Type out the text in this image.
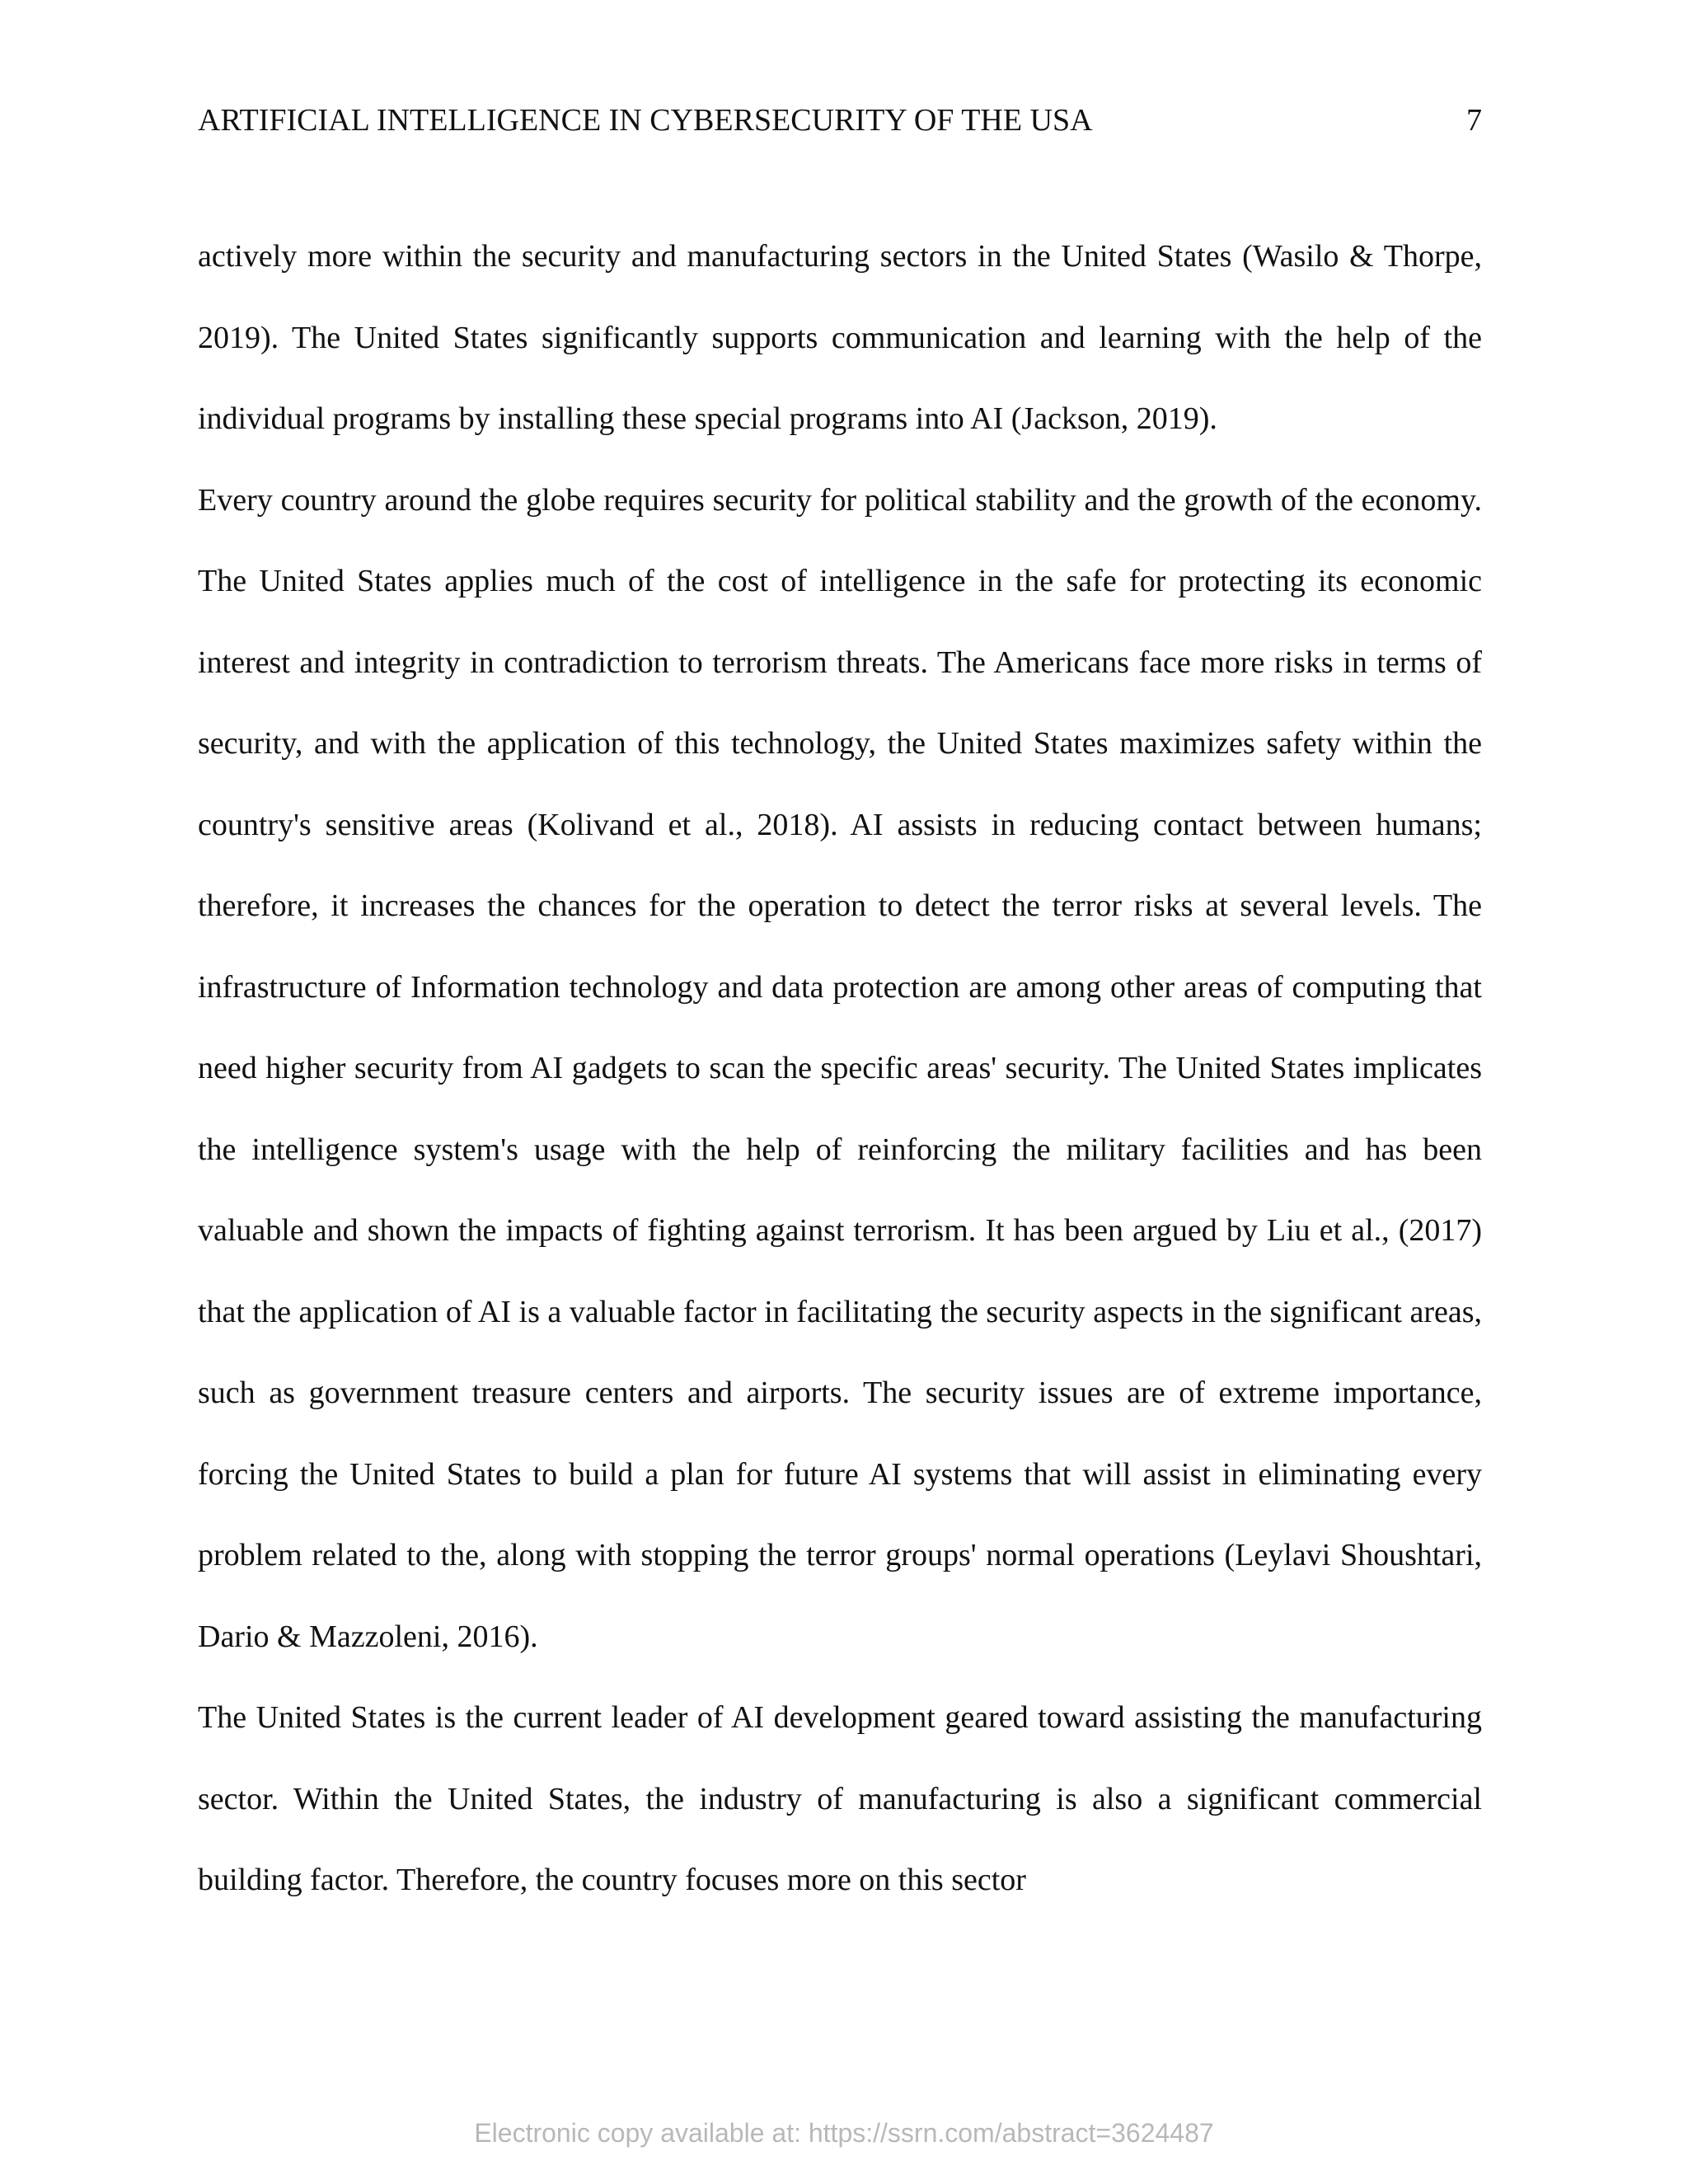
ARTIFICIAL INTELLIGENCE IN CYBERSECURITY OF THE USA	7

actively more within the security and manufacturing sectors in the United States (Wasilo & Thorpe, 2019). The United States significantly supports communication and learning with the help of the individual programs by installing these special programs into AI (Jackson, 2019).

Every country around the globe requires security for political stability and the growth of the economy. The United States applies much of the cost of intelligence in the safe for protecting its economic interest and integrity in contradiction to terrorism threats. The Americans face more risks in terms of security, and with the application of this technology, the United States maximizes safety within the country's sensitive areas (Kolivand et al., 2018). AI assists in reducing contact between humans; therefore, it increases the chances for the operation to detect the terror risks at several levels. The infrastructure of Information technology and data protection are among other areas of computing that need higher security from AI gadgets to scan the specific areas' security. The United States implicates the intelligence system's usage with the help of reinforcing the military facilities and has been valuable and shown the impacts of fighting against terrorism. It has been argued by Liu et al., (2017) that the application of AI is a valuable factor in facilitating the security aspects in the significant areas, such as government treasure centers and airports. The security issues are of extreme importance, forcing the United States to build a plan for future AI systems that will assist in eliminating every problem related to the, along with stopping the terror groups' normal operations (Leylavi Shoushtari, Dario & Mazzoleni, 2016).

The United States is the current leader of AI development geared toward assisting the manufacturing sector. Within the United States, the industry of manufacturing is also a significant commercial building factor. Therefore, the country focuses more on this sector

Electronic copy available at: https://ssrn.com/abstract=3624487
